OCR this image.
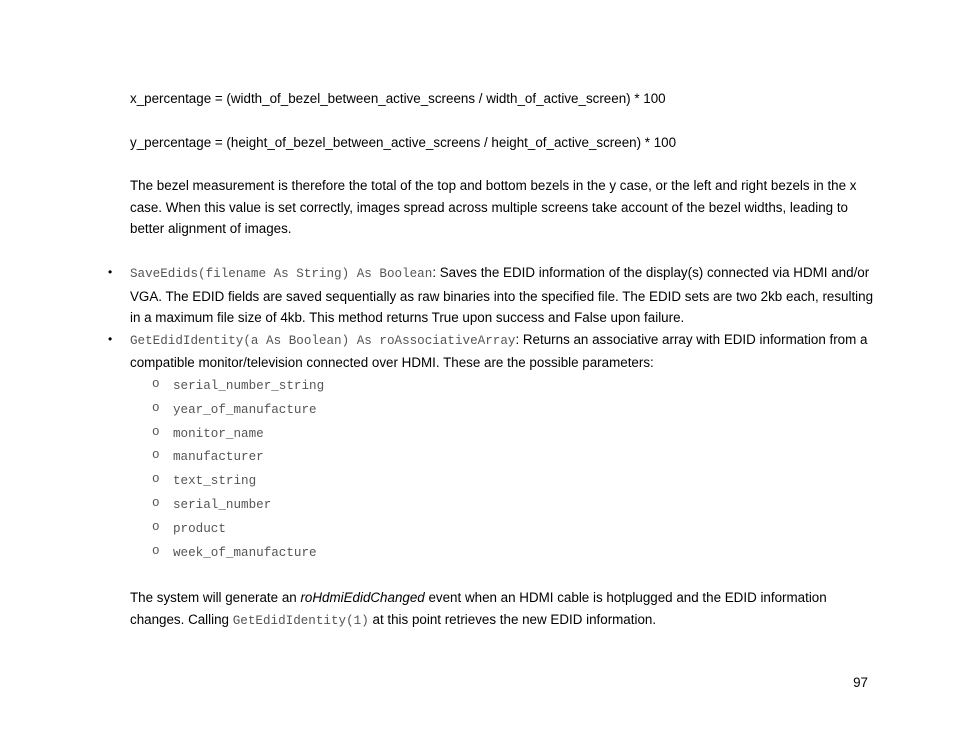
x_percentage = (width_of_bezel_between_active_screens / width_of_active_screen) * 100

y_percentage = (height_of_bezel_between_active_screens / height_of_active_screen) * 100

The bezel measurement is therefore the total of the top and bottom bezels in the y case, or the left and right bezels in the x case. When this value is set correctly, images spread across multiple screens take account of the bezel widths, leading to better alignment of images.

• SaveEdids(filename As String) As Boolean: Saves the EDID information of the display(s) connected via HDMI and/or VGA. The EDID fields are saved sequentially as raw binaries into the specified file. The EDID sets are two 2kb each, resulting in a maximum file size of 4kb. This method returns True upon success and False upon failure.
• GetEdidIdentity(a As Boolean) As roAssociativeArray: Returns an associative array with EDID information from a compatible monitor/television connected over HDMI. These are the possible parameters:
o serial_number_string
o year_of_manufacture
o monitor_name
o manufacturer
o text_string
o serial_number
o product
o week_of_manufacture

The system will generate an roHdmiEdidChanged event when an HDMI cable is hotplugged and the EDID information changes. Calling GetEdidIdentity(1) at this point retrieves the new EDID information.

97
